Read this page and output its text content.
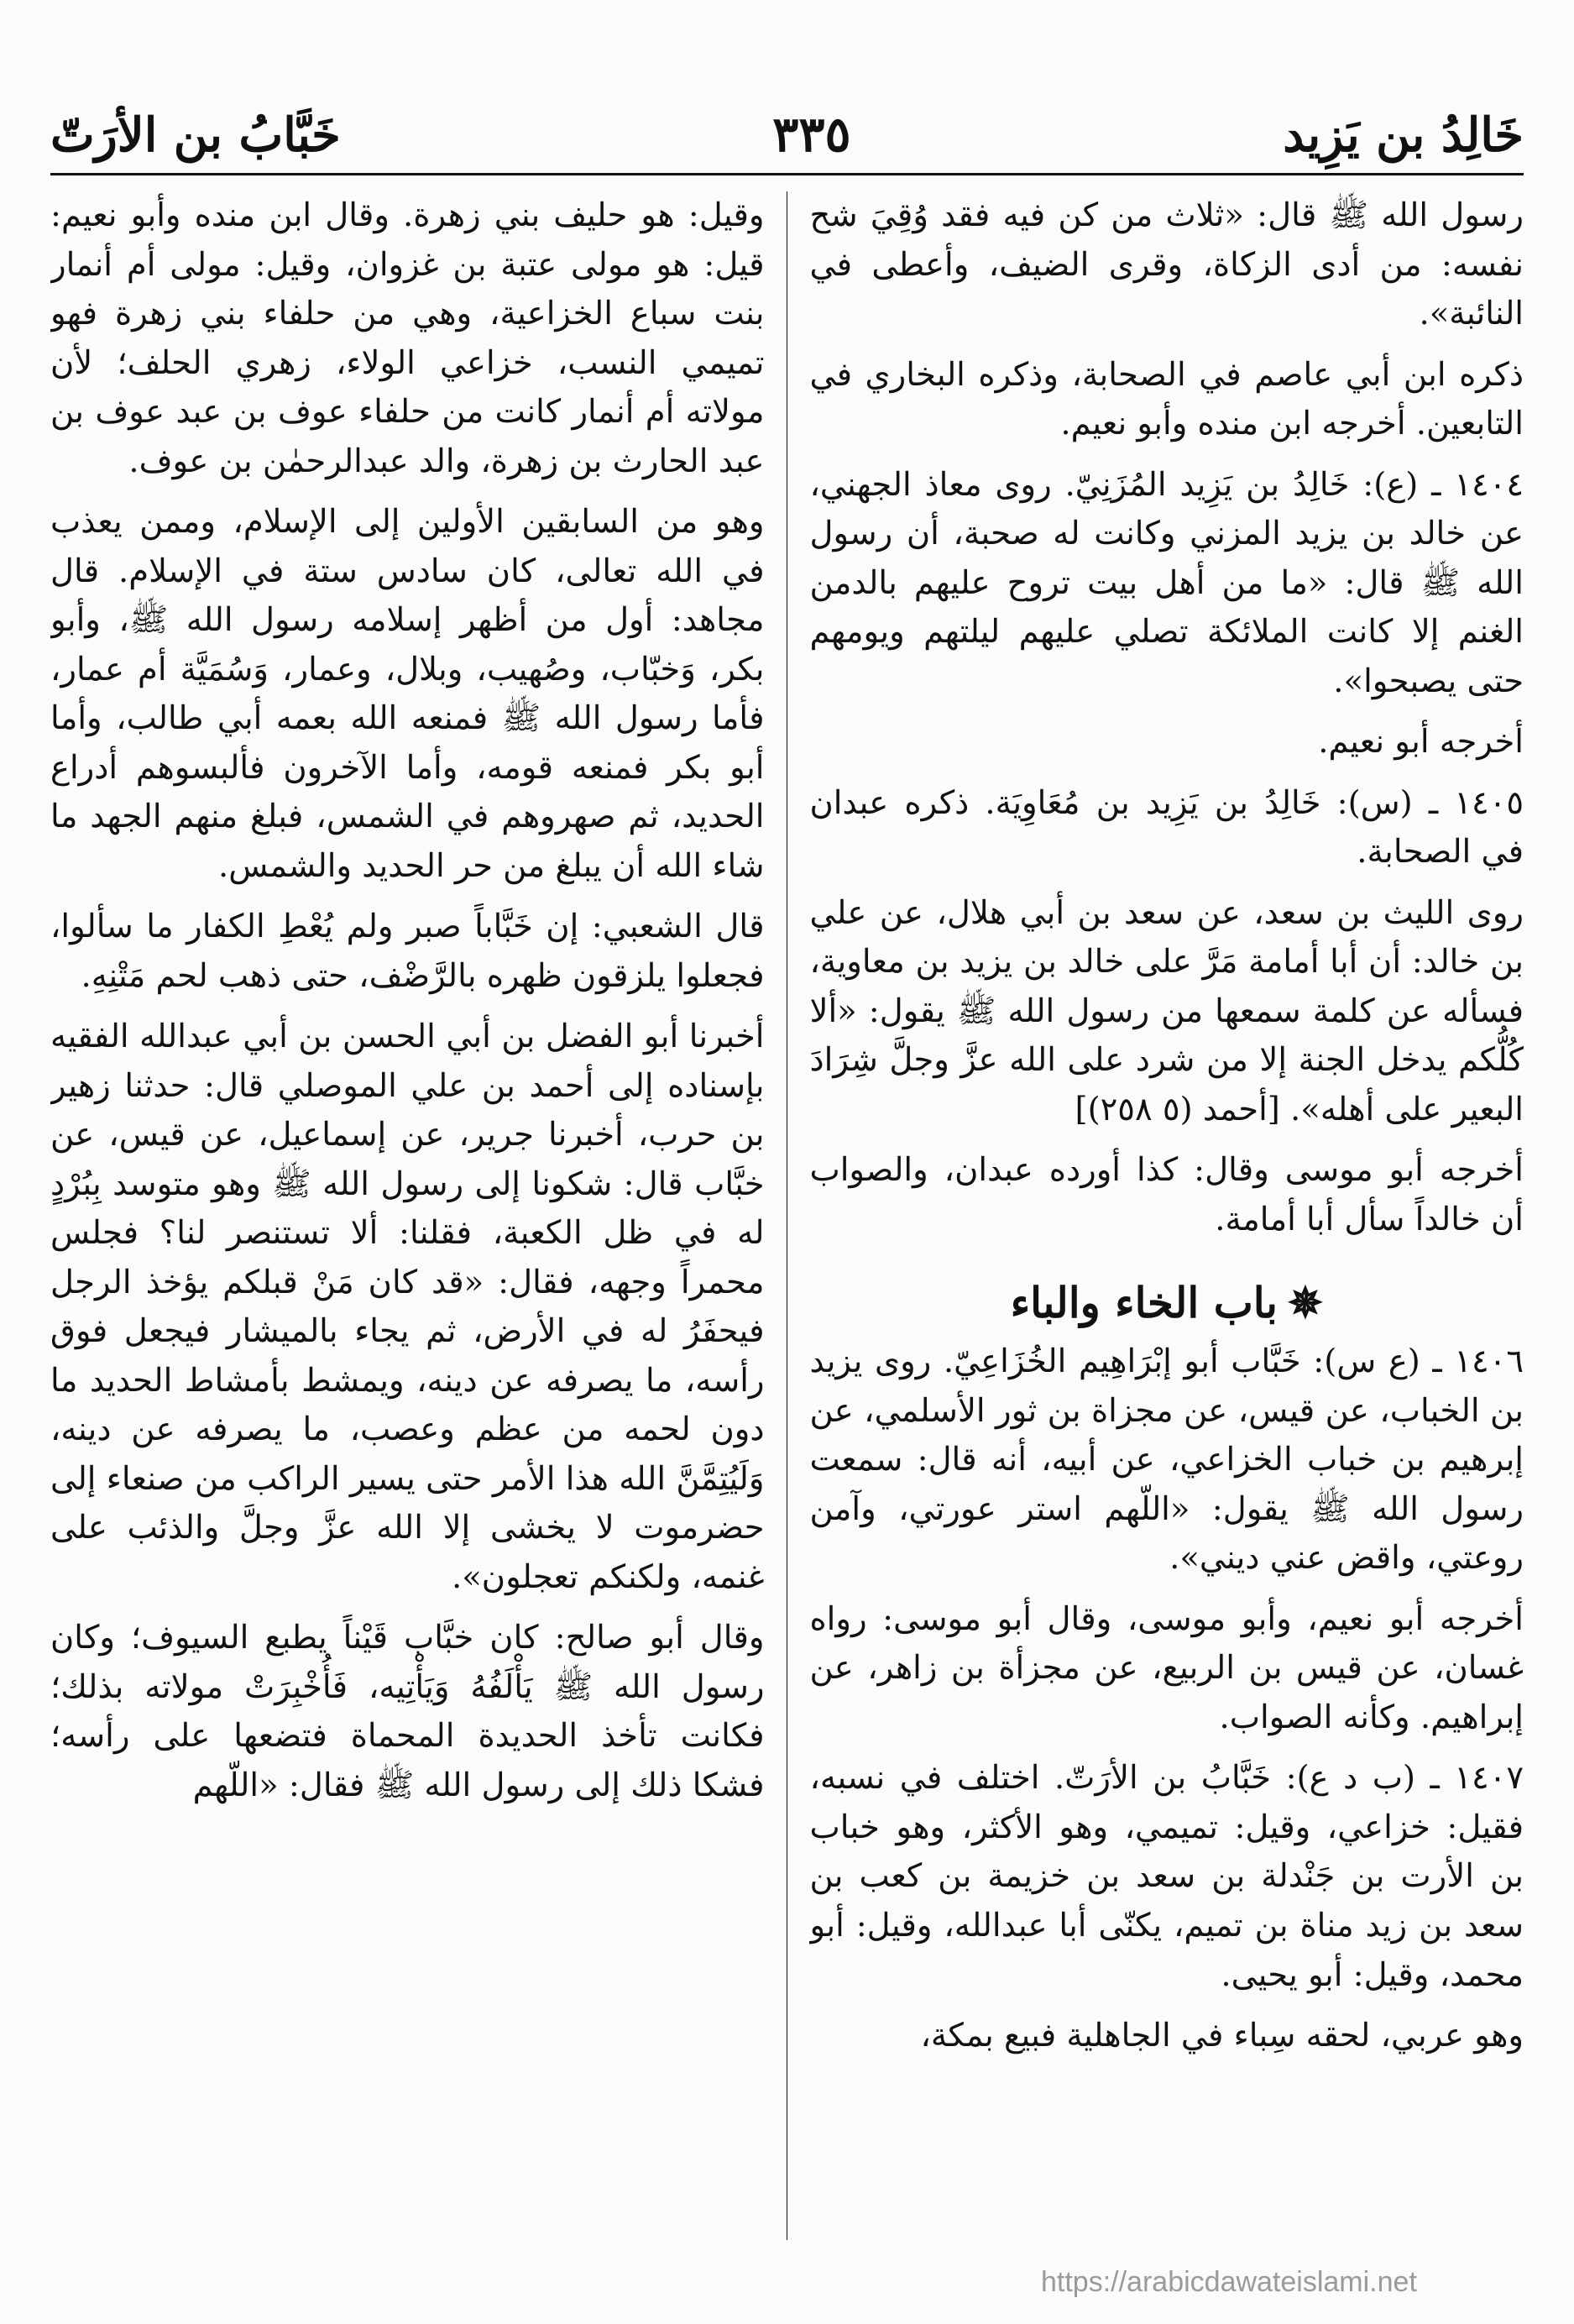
خَالِدُ بن يَزِيد
٣٣٥
خَبَّابُ بن الأرَتّ

رسول الله ﷺ قال: «ثلاث من كن فيه فقد وُقِيَ شح نفسه: من أدى الزكاة، وقرى الضيف، وأعطى في النائبة».

ذكره ابن أبي عاصم في الصحابة، وذكره البخاري في التابعين. أخرجه ابن منده وأبو نعيم.

١٤٠٤ ـ (ع): خَالِدُ بن يَزِيد المُزَنِيّ. روى معاذ الجهني، عن خالد بن يزيد المزني وكانت له صحبة، أن رسول الله ﷺ قال: «ما من أهل بيت تروح عليهم بالدمن الغنم إلا كانت الملائكة تصلي عليهم ليلتهم ويومهم حتى يصبحوا».

أخرجه أبو نعيم.

١٤٠٥ ـ (س): خَالِدُ بن يَزِيد بن مُعَاوِيَة. ذكره عبدان في الصحابة.

روى الليث بن سعد، عن سعد بن أبي هلال، عن علي بن خالد: أن أبا أمامة مَرَّ على خالد بن يزيد بن معاوية، فسأله عن كلمة سمعها من رسول الله ﷺ يقول: «ألا كُلُّكم يدخل الجنة إلا من شرد على الله عزَّ وجلَّ شِرَادَ البعير على أهله». [أحمد (٥ ٢٥٨)]

أخرجه أبو موسى وقال: كذا أورده عبدان، والصواب أن خالداً سأل أبا أمامة.

✵باب الخاء والباء

١٤٠٦ ـ (ع س): خَبَّاب أبو إبْرَاهِيم الخُزَاعِيّ. روى يزيد بن الخباب، عن قيس، عن مجزاة بن ثور الأسلمي، عن إبرهيم بن خباب الخزاعي، عن أبيه، أنه قال: سمعت رسول الله ﷺ يقول: «اللّهم استر عورتي، وآمن روعتي، واقض عني ديني».

أخرجه أبو نعيم، وأبو موسى، وقال أبو موسى: رواه غسان، عن قيس بن الربيع، عن مجزأة بن زاهر، عن إبراهيم. وكأنه الصواب.

١٤٠٧ ـ (ب د ع): خَبَّابُ بن الأرَتّ. اختلف في نسبه، فقيل: خزاعي، وقيل: تميمي، وهو الأكثر، وهو خباب بن الأرت بن جَنْدلة بن سعد بن خزيمة بن كعب بن سعد بن زيد مناة بن تميم، يكنّى أبا عبدالله، وقيل: أبو محمد، وقيل: أبو يحيى.

وهو عربي، لحقه سِباء في الجاهلية فبيع بمكة،

وقيل: هو حليف بني زهرة. وقال ابن منده وأبو نعيم: قيل: هو مولى عتبة بن غزوان، وقيل: مولى أم أنمار بنت سباع الخزاعية، وهي من حلفاء بني زهرة فهو تميمي النسب، خزاعي الولاء، زهري الحلف؛ لأن مولاته أم أنمار كانت من حلفاء عوف بن عبد عوف بن عبد الحارث بن زهرة، والد عبدالرحمٰن بن عوف.

وهو من السابقين الأولين إلى الإسلام، وممن يعذب في الله تعالى، كان سادس ستة في الإسلام. قال مجاهد: أول من أظهر إسلامه رسول الله ﷺ، وأبو بكر، وَخبّاب، وصُهيب، وبلال، وعمار، وَسُمَيَّة أم عمار، فأما رسول الله ﷺ فمنعه الله بعمه أبي طالب، وأما أبو بكر فمنعه قومه، وأما الآخرون فألبسوهم أدراع الحديد، ثم صهروهم في الشمس، فبلغ منهم الجهد ما شاء الله أن يبلغ من حر الحديد والشمس.

قال الشعبي: إن خَبَّاباً صبر ولم يُعْطِ الكفار ما سألوا، فجعلوا يلزقون ظهره بالرَّضْف، حتى ذهب لحم مَتْنِهِ.

أخبرنا أبو الفضل بن أبي الحسن بن أبي عبدالله الفقيه بإسناده إلى أحمد بن علي الموصلي قال: حدثنا زهير بن حرب، أخبرنا جرير، عن إسماعيل، عن قيس، عن خبَّاب قال: شكونا إلى رسول الله ﷺ وهو متوسد بِبُرْدٍ له في ظل الكعبة، فقلنا: ألا تستنصر لنا؟ فجلس محمراً وجهه، فقال: «قد كان مَنْ قبلكم يؤخذ الرجل فيحفَرُ له في الأرض، ثم يجاء بالميشار فيجعل فوق رأسه، ما يصرفه عن دينه، ويمشط بأمشاط الحديد ما دون لحمه من عظم وعصب، ما يصرفه عن دينه، وَلَيُتِمَّنَّ الله هذا الأمر حتى يسير الراكب من صنعاء إلى حضرموت لا يخشى إلا الله عزَّ وجلَّ والذئب على غنمه، ولكنكم تعجلون».

وقال أبو صالح: كان خبَّاب قَيْناً يطبع السيوف؛ وكان رسول الله ﷺ يَأْلَفُهُ وَيَأْتِيه، فَأُخْبِرَتْ مولاته بذلك؛ فكانت تأخذ الحديدة المحماة فتضعها على رأسه؛ فشكا ذلك إلى رسول الله ﷺ فقال: «اللّهم

https://arabicdawateislami.net
